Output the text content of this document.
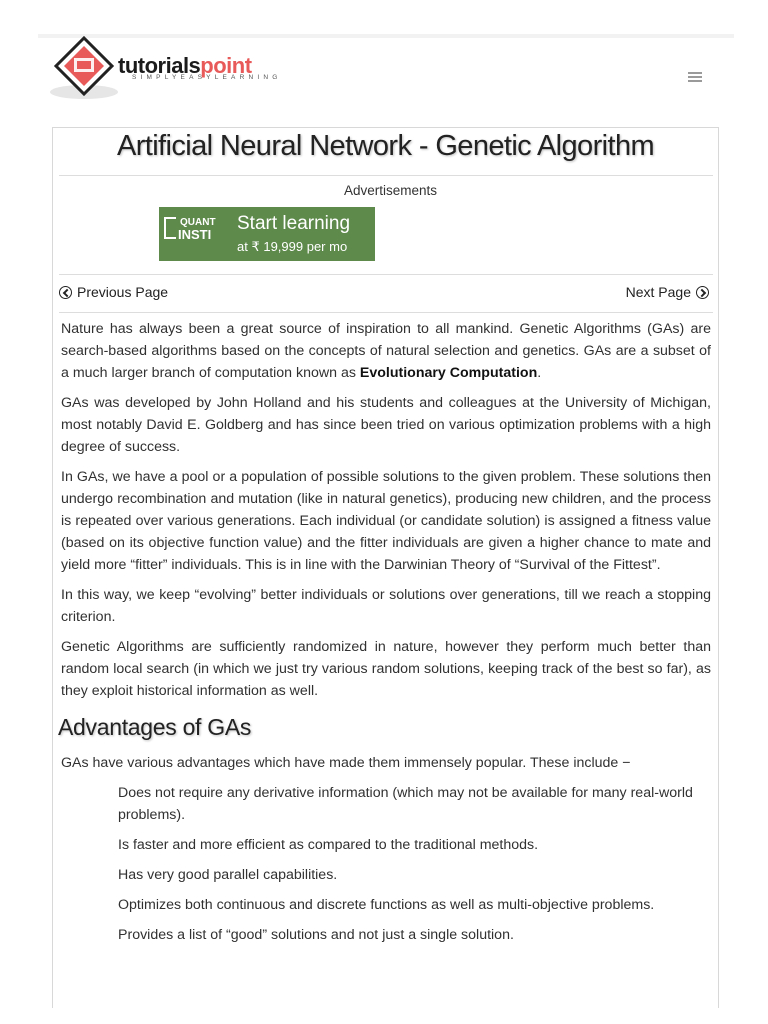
tutorialspoint
SIMPLYEASYLEARNING
Artificial Neural Network - Genetic Algorithm
Advertisements
QUANT
INSTI
Start learning
at ₹ 19,999 per mo
Previous Page	Next Page

Nature has always been a great source of inspiration to all mankind. Genetic Algorithms (GAs) are search-based algorithms based on the concepts of natural selection and genetics. GAs are a subset of a much larger branch of computation known as Evolutionary Computation.

GAs was developed by John Holland and his students and colleagues at the University of Michigan, most notably David E. Goldberg and has since been tried on various optimization problems with a high degree of success.

In GAs, we have a pool or a population of possible solutions to the given problem. These solutions then undergo recombination and mutation (like in natural genetics), producing new children, and the process is repeated over various generations. Each individual (or candidate solution) is assigned a fitness value (based on its objective function value) and the fitter individuals are given a higher chance to mate and yield more “fitter” individuals. This is in line with the Darwinian Theory of “Survival of the Fittest”.

In this way, we keep “evolving” better individuals or solutions over generations, till we reach a stopping criterion.

Genetic Algorithms are sufficiently randomized in nature, however they perform much better than random local search (in which we just try various random solutions, keeping track of the best so far), as they exploit historical information as well.

Advantages of GAs

GAs have various advantages which have made them immensely popular. These include −

Does not require any derivative information (which may not be available for many real-world problems).
Is faster and more efficient as compared to the traditional methods.
Has very good parallel capabilities.
Optimizes both continuous and discrete functions as well as multi-objective problems.
Provides a list of “good” solutions and not just a single solution.
